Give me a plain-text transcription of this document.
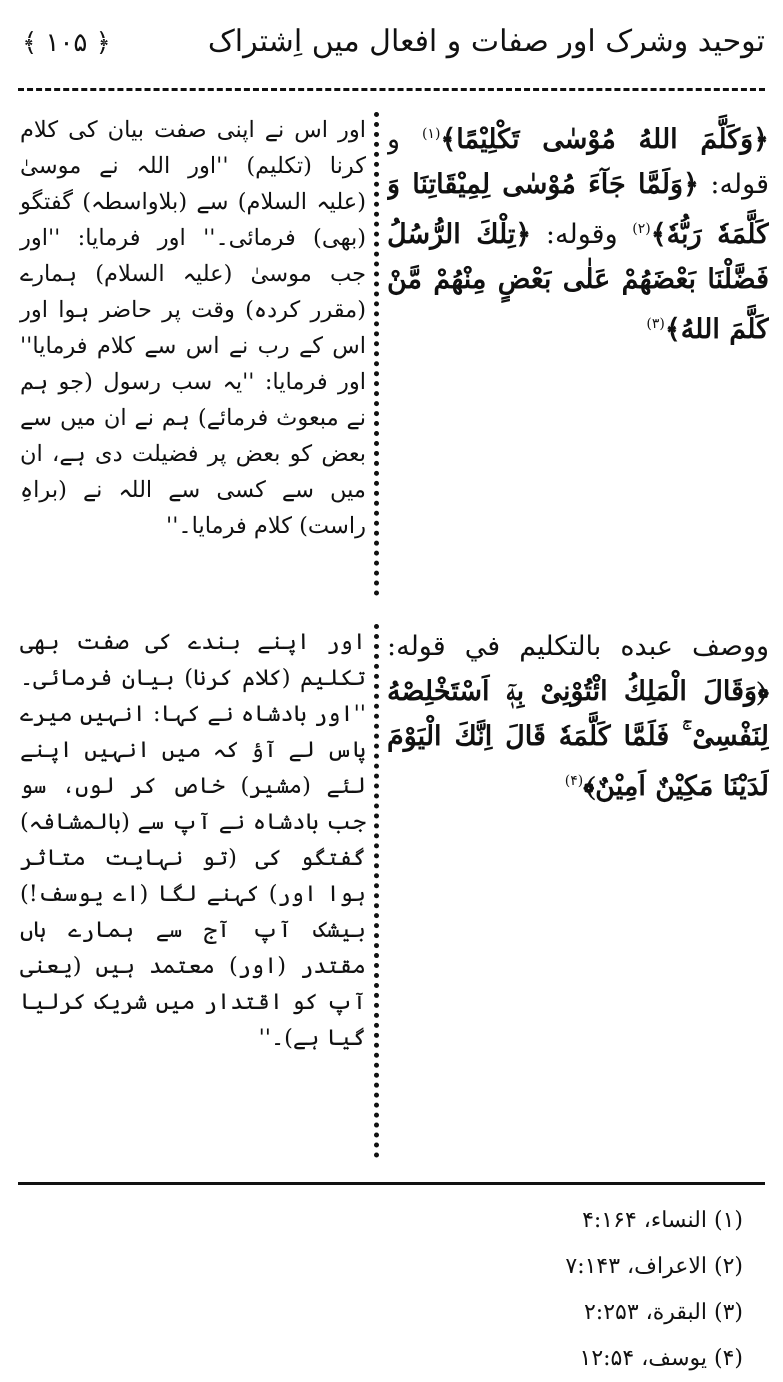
توحید وشرک اور صفات و افعال میں اِشتراک
﴿ ۱۰۵ ﴾
اور اس نے اپنی صفت بیان کی کلام کرنا (تکلیم) ''اور اللہ نے موسیٰ (علیہ السلام) سے (بلاواسطہ) گفتگو (بھی) فرمائی۔'' اور فرمایا: ''اور جب موسیٰ (علیہ السلام) ہمارے (مقرر کردہ) وقت پر حاضر ہوا اور اس کے رب نے اس سے کلام فرمایا'' اور فرمایا: ''یہ سب رسول (جو ہم نے مبعوث فرمائے) ہم نے ان میں سے بعض کو بعض پر فضیلت دی ہے، ان میں سے کسی سے اللہ نے (براہِ راست) کلام فرمایا۔''
﴿وَكَلَّمَ اللهُ مُوْسٰى تَكْلِيْمًا﴾$^{(۱)}$ و قوله: ﴿وَلَمَّا جَآءَ مُوْسٰى لِمِيْقَاتِنَا وَ كَلَّمَهٗ رَبُّهٗ﴾$^{(۲)}$ وقوله: ﴿تِلْكَ الرُّسُلُ فَضَّلْنَا بَعْضَهُمْ عَلٰى بَعْضٍ مِنْهُمْ مَّنْ كَلَّمَ اللهُ﴾$^{(۳)}$
اور اپنے بندے کی صفت بھی تکلیم (کلام کرنا) بیان فرمائی۔ ''اور بادشاہ نے کہا: انہیں میرے پاس لے آؤ کہ میں انہیں اپنے لئے (مشیر) خاص کر لوں، سو جب بادشاہ نے آپ سے (بالمشافہ) گفتگو کی (تو نہایت متاثر ہوا اور) کہنے لگا (اے یوسف!) بیشک آپ آج سے ہمارے ہاں مقتدر (اور) معتمد ہیں (یعنی آپ کو اقتدار میں شریک کرلیا گیا ہے)۔''
ووصف عبده بالتكليم في قوله: ﴿وَقَالَ الْمَلِكُ ائْتُوْنِىْ بِهٖٓ اَسْتَخْلِصْهُ لِنَفْسِىْ ۚ فَلَمَّا كَلَّمَهٗ قَالَ اِنَّكَ الْيَوْمَ لَدَيْنَا مَكِيْنٌ اَمِيْنٌ﴾$^{(۴)}$
(۱) النساء، ۴:۱۶۴
(۲) الاعراف، ۷:۱۴۳
(۳) البقرة، ۲:۲۵۳
(۴) یوسف، ۱۲:۵۴
